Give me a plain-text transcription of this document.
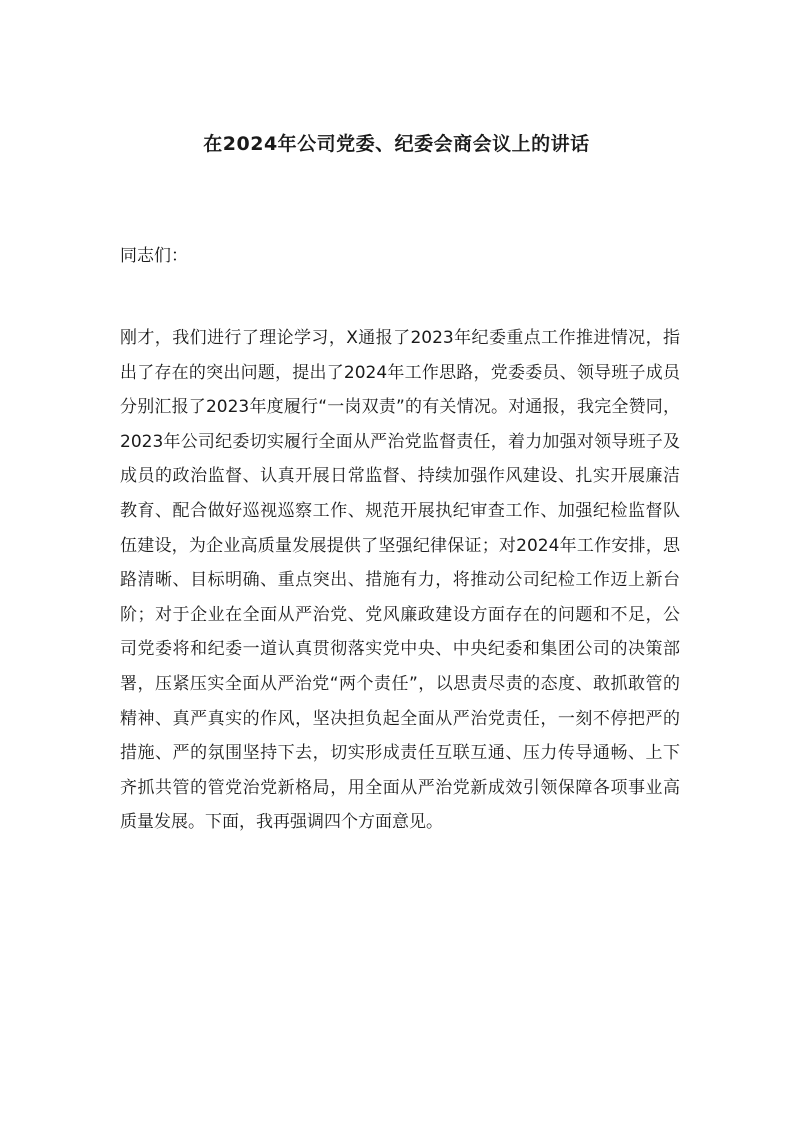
在2024年公司党委、纪委会商会议上的讲话
同志们：
刚才，我们进行了理论学习，X通报了2023年纪委重点工作推进情况，指出了存在的突出问题，提出了2024年工作思路，党委委员、领导班子成员分别汇报了2023年度履行“一岗双责”的有关情况。对通报，我完全赞同，2023年公司纪委切实履行全面从严治党监督责任，着力加强对领导班子及成员的政治监督、认真开展日常监督、持续加强作风建设、扎实开展廉洁教育、配合做好巡视巡察工作、规范开展执纪审查工作、加强纪检监督队伍建设，为企业高质量发展提供了坚强纪律保证；对2024年工作安排，思路清晰、目标明确、重点突出、措施有力，将推动公司纪检工作迈上新台阶；对于企业在全面从严治党、党风廉政建设方面存在的问题和不足，公司党委将和纪委一道认真贯彻落实党中央、中央纪委和集团公司的决策部署，压紧压实全面从严治党“两个责任”，以思责尽责的态度、敢抓敢管的精神、真严真实的作风，坚决担负起全面从严治党责任，一刻不停把严的措施、严的氛围坚持下去，切实形成责任互联互通、压力传导通畅、上下齐抓共管的管党治党新格局，用全面从严治党新成效引领保障各项事业高质量发展。下面，我再强调四个方面意见。
